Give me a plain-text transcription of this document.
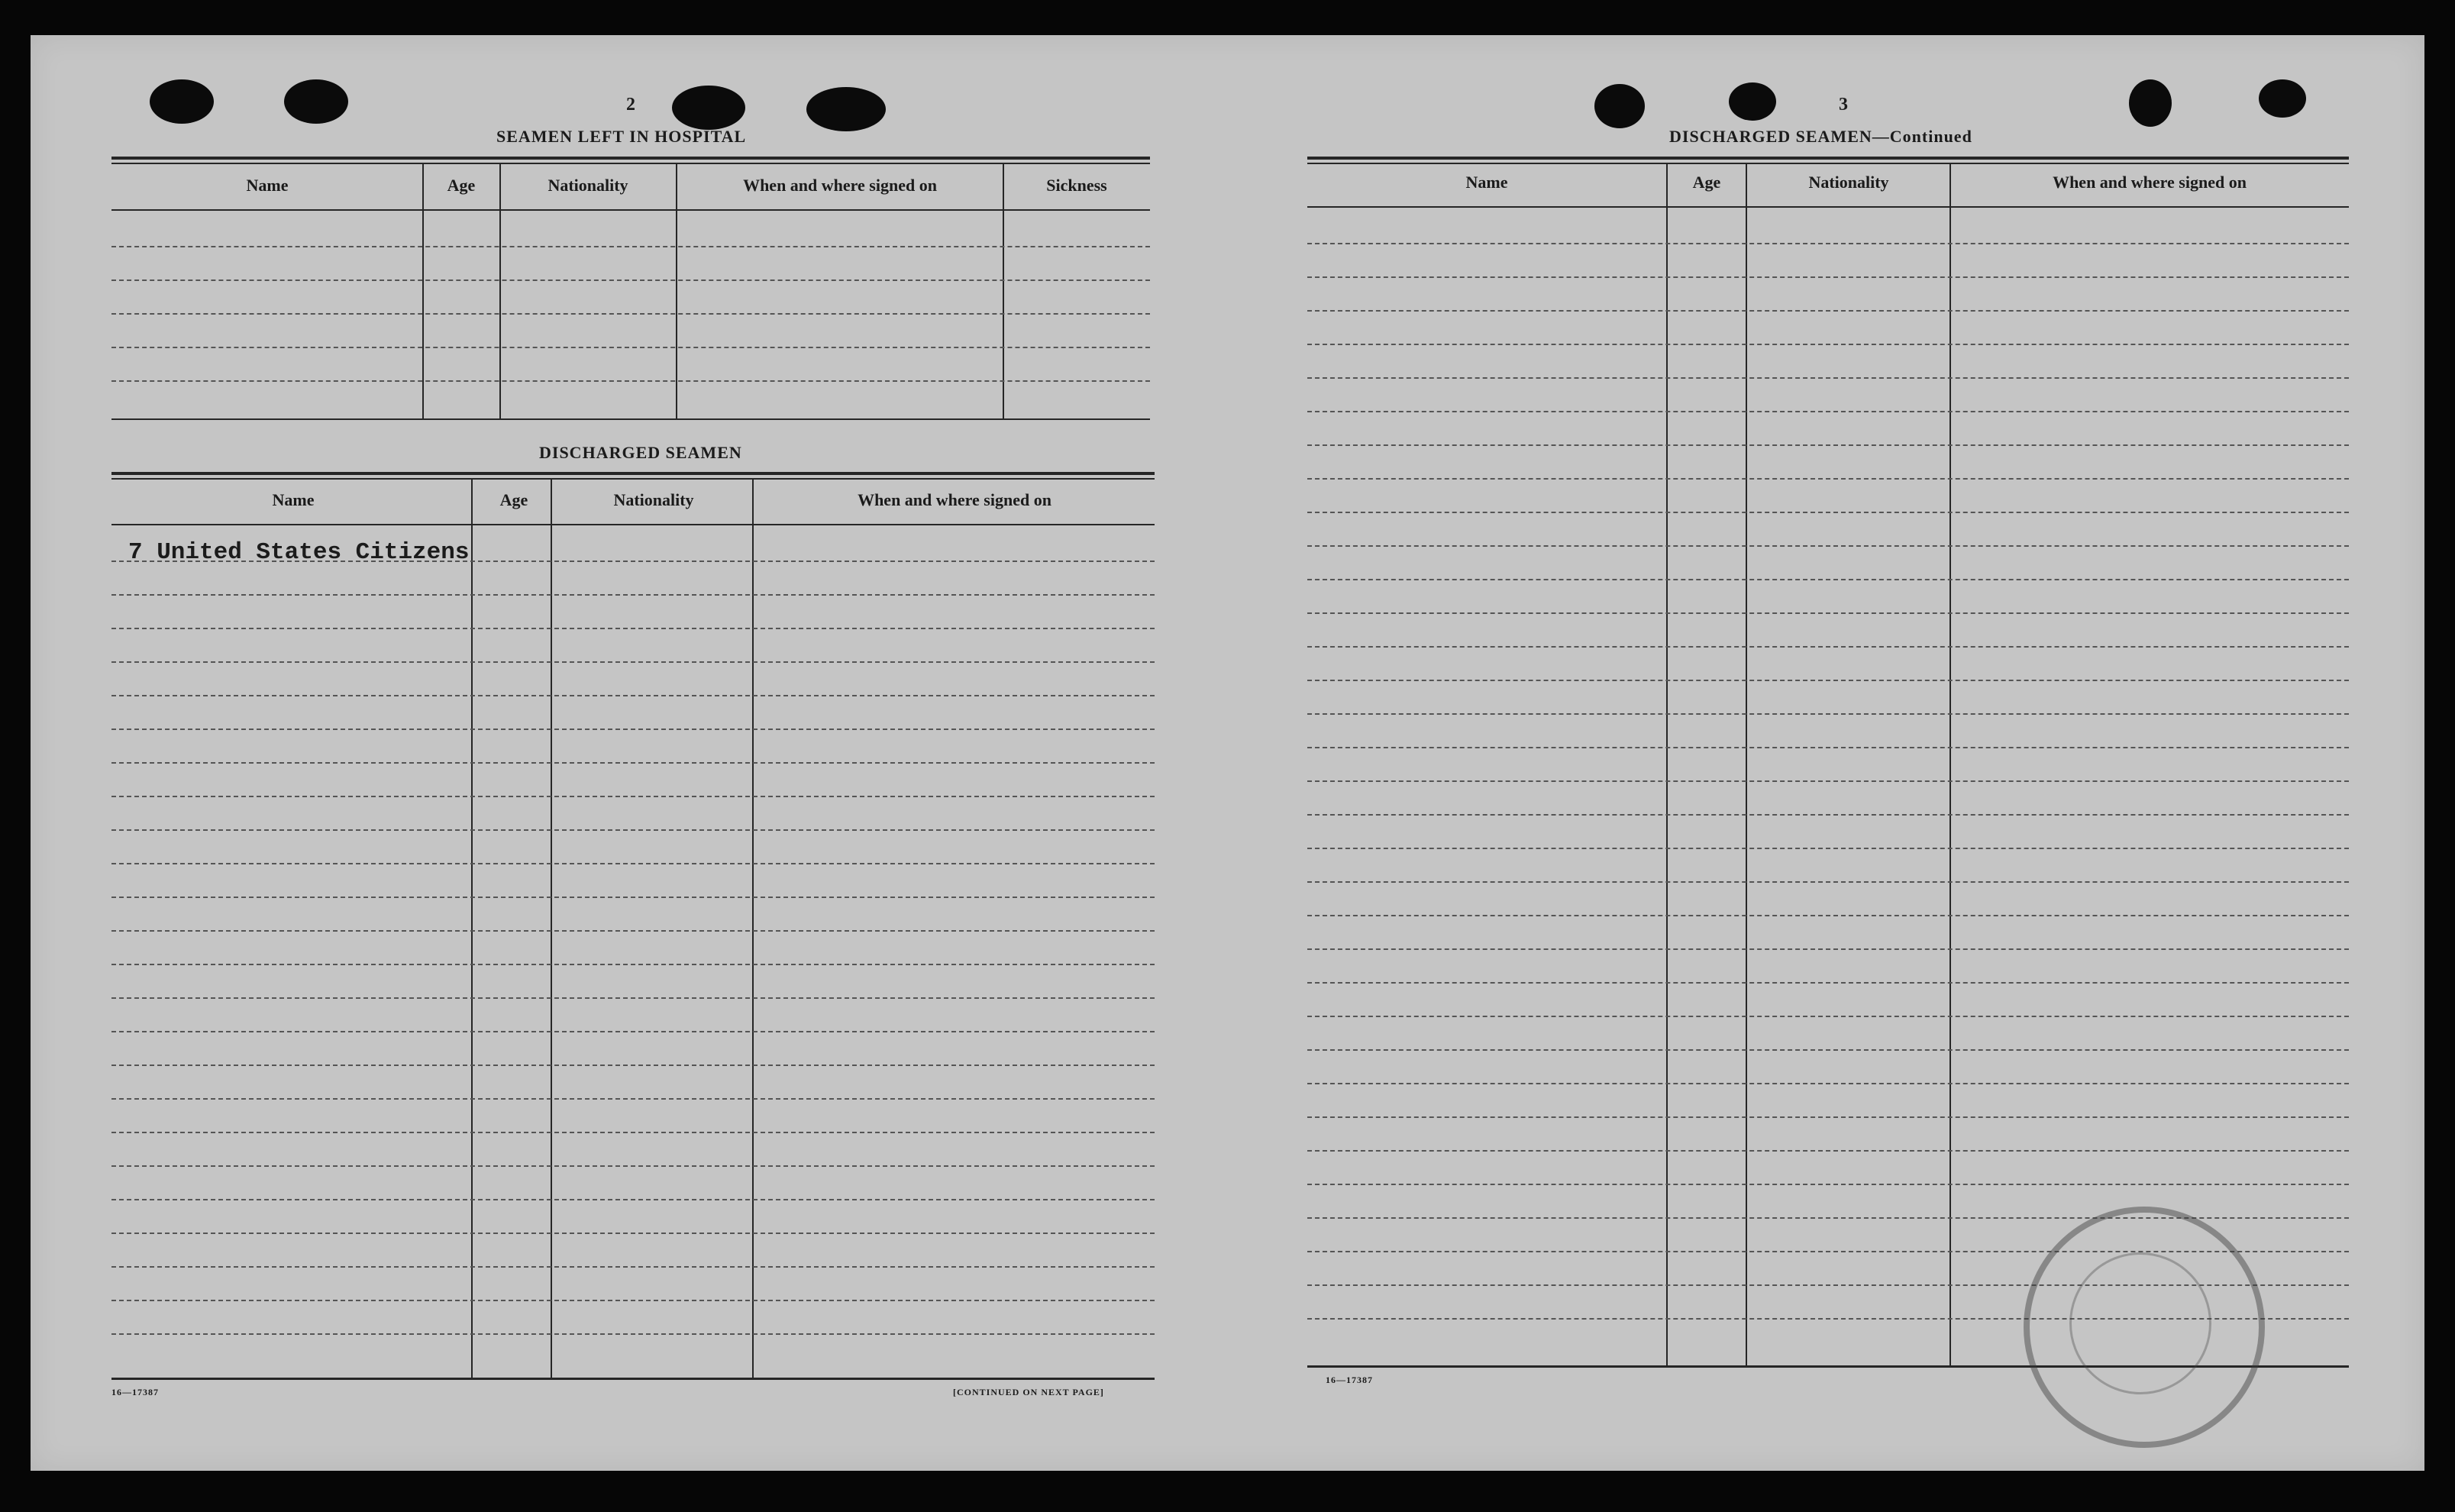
2
SEAMEN LEFT IN HOSPITAL
Name	Age	Nationality	When and where signed on	Sickness
DISCHARGED SEAMEN
Name	Age	Nationality	When and where signed on
7 United States Citizens
16—17387	[CONTINUED ON NEXT PAGE]
3
DISCHARGED SEAMEN—Continued
Name	Age	Nationality	When and where signed on
16—17387
